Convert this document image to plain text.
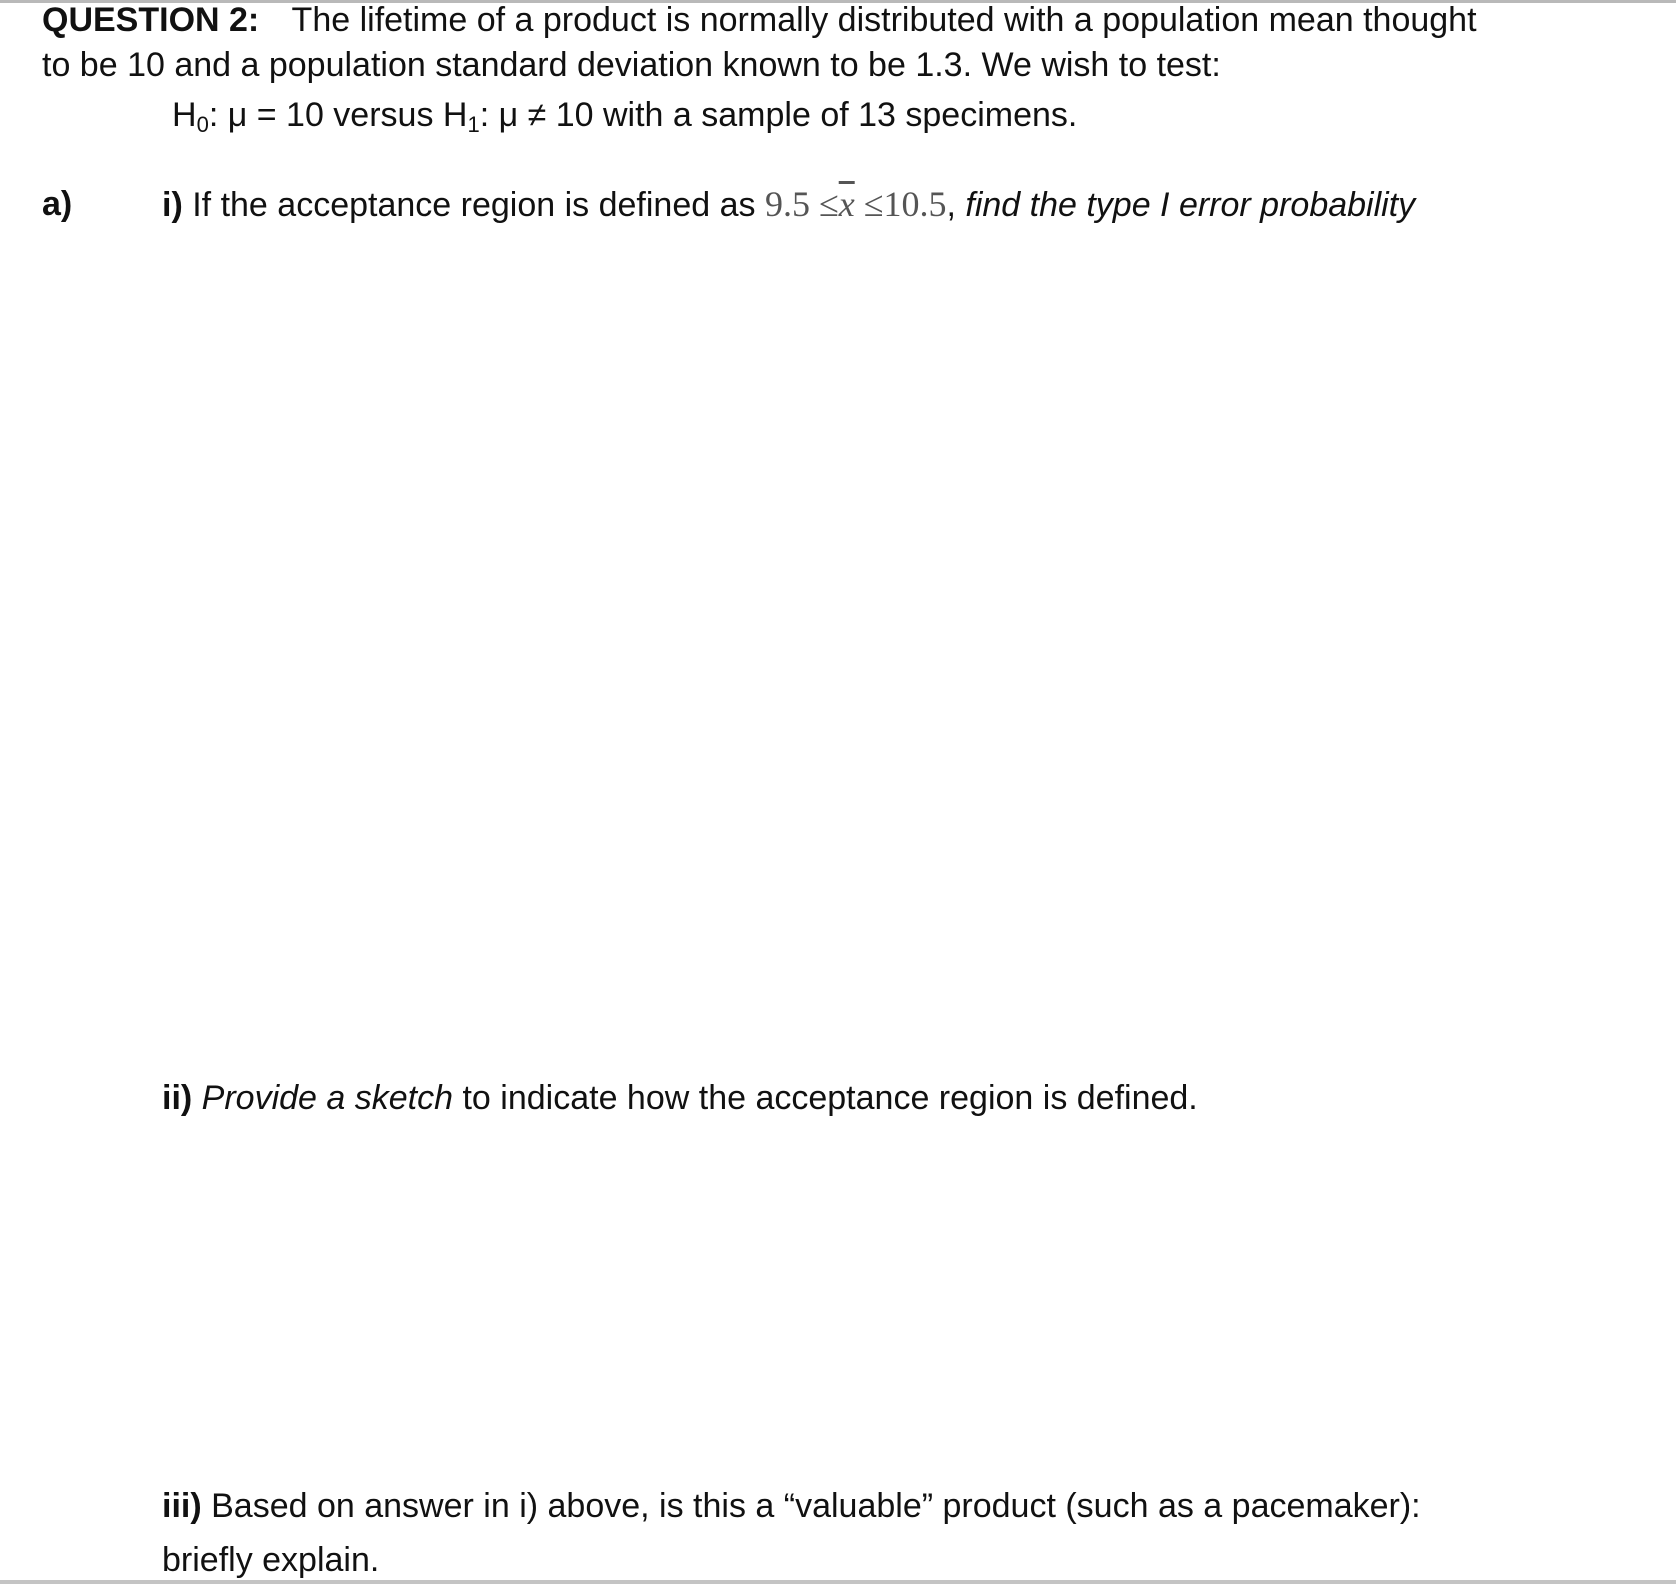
QUESTION 2: The lifetime of a product is normally distributed with a population mean thought
to be 10 and a population standard deviation known to be 1.3. We wish to test:
$H_0$: μ = 10 versus $H_1$: μ ≠ 10 with a sample of 13 specimens.
a)	i) If the acceptance region is defined as $9.5 \le\overline{x} \le 10.5$, find the type I error probability
ii) Provide a sketch to indicate how the acceptance region is defined.
iii) Based on answer in i) above, is this a “valuable” product (such as a pacemaker):
briefly explain.
